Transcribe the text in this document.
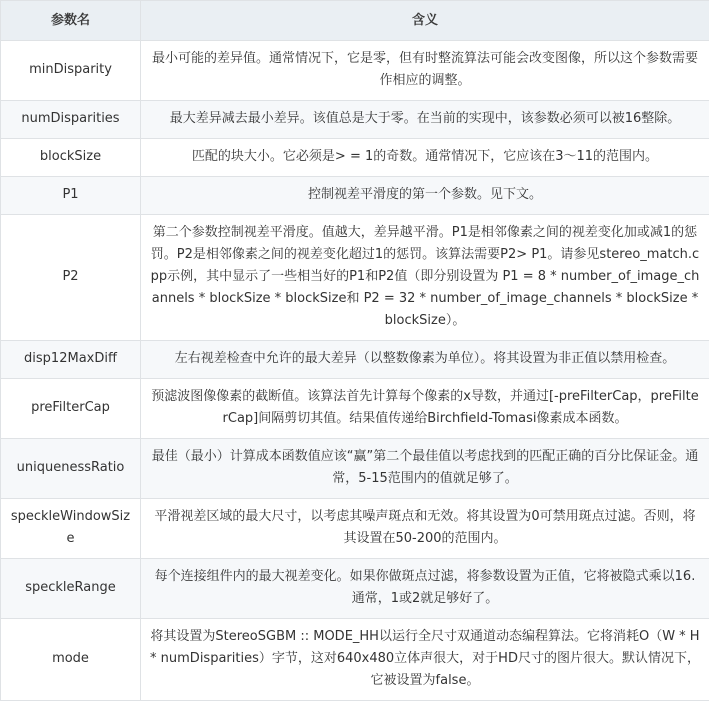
参数名	含义
minDisparity	最小可能的差异值。通常情况下，它是零，但有时整流算法可能会改变图像，所以这个参数需要作相应的调整。
numDisparities	最大差异减去最小差异。该值总是大于零。在当前的实现中，该参数必须可以被16整除。
blockSize	匹配的块大小。它必须是> = 1的奇数。通常情况下，它应该在3～11的范围内。
P1	控制视差平滑度的第一个参数。见下文。
P2	第二个参数控制视差平滑度。值越大，差异越平滑。P1是相邻像素之间的视差变化加或减1的惩罚。P2是相邻像素之间的视差变化超过1的惩罚。该算法需要P2> P1。请参见stereo_match.cpp示例，其中显示了一些相当好的P1和P2值（即分别设置为 P1 = 8 * number_of_image_channels * blockSize * blockSize和 P2 = 32 * number_of_image_channels * blockSize * blockSize）。
disp12MaxDiff	左右视差检查中允许的最大差异（以整数像素为单位）。将其设置为非正值以禁用检查。
preFilterCap	预滤波图像像素的截断值。该算法首先计算每个像素的x导数，并通过[-preFilterCap，preFilterCap]间隔剪切其值。结果值传递给Birchfield-Tomasi像素成本函数。
uniquenessRatio	最佳（最小）计算成本函数值应该“赢”第二个最佳值以考虑找到的匹配正确的百分比保证金。通常，5-15范围内的值就足够了。
speckleWindowSize	平滑视差区域的最大尺寸，以考虑其噪声斑点和无效。将其设置为0可禁用斑点过滤。否则，将其设置在50-200的范围内。
speckleRange	每个连接组件内的最大视差变化。如果你做斑点过滤，将参数设置为正值，它将被隐式乘以16.通常，1或2就足够好了。
mode	将其设置为StereoSGBM :: MODE_HH以运行全尺寸双通道动态编程算法。它将消耗O（W * H * numDisparities）字节，这对640x480立体声很大，对于HD尺寸的图片很大。默认情况下，它被设置为false。
